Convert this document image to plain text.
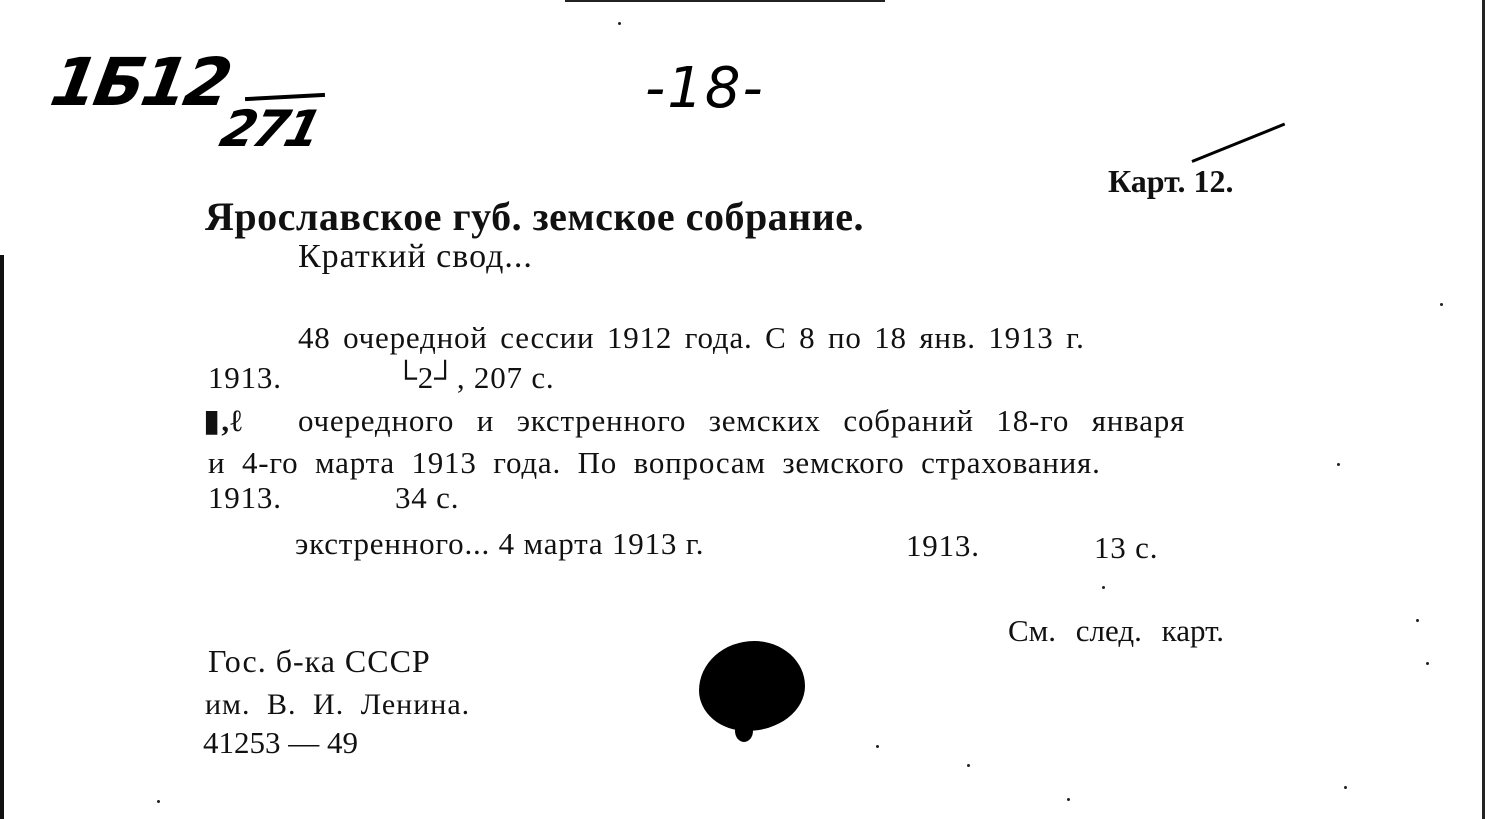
1Б12
271
-18-
Карт. 12.
Ярославское губ. земское собрание.
Краткий свод...
48 очередной сессии 1912 года. С 8 по 18 янв. 1913 г.
1913.	└2┘, 207 с.
▮‚ℓ очередного и экстренного земских собраний 18-го января
и 4-го марта 1913 года. По вопросам земского страхования.
1913.	34 с.
экстренного... 4 марта 1913 г.	1913.	13 с.
См. след. карт.
Гос. б-ка СССР
им. В. И. Ленина.
41253 — 49
